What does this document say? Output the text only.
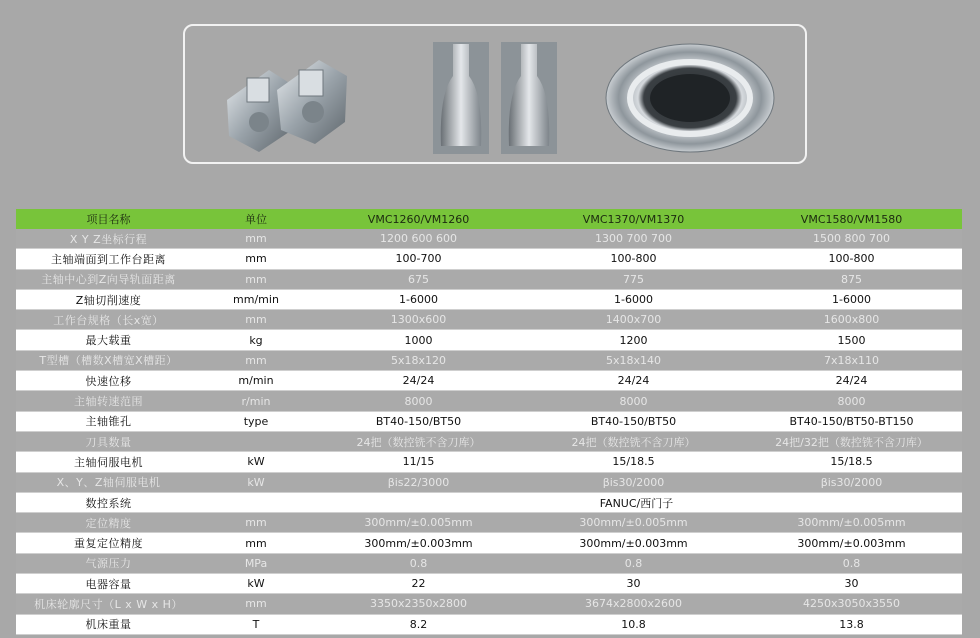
项目名称	单位	VMC1260/VM1260	VMC1370/VM1370	VMC1580/VM1580
X Y Z坐标行程	mm	1200 600 600	1300 700 700	1500 800 700
主轴端面到工作台距离	mm	100-700	100-800	100-800
主轴中心到Z向导轨面距离	mm	675	775	875
Z轴切削速度	mm/min	1-6000	1-6000	1-6000
工作台规格（长x宽）	mm	1300x600	1400x700	1600x800
最大载重	kg	1000	1200	1500
T型槽（槽数X槽宽X槽距）	mm	5x18x120	5x18x140	7x18x110
快速位移	m/min	24/24	24/24	24/24
主轴转速范围	r/min	8000	8000	8000
主轴锥孔	type	BT40-150/BT50	BT40-150/BT50	BT40-150/BT50-BT150
刀具数量		24把（数控铣不含刀库）	24把（数控铣不含刀库）	24把/32把（数控铣不含刀库）
主轴伺服电机	kW	11/15	15/18.5	15/18.5
X、Y、Z轴伺服电机	kW	βis22/3000	βis30/2000	βis30/2000
数控系统		FANUC/西门子		
定位精度	mm	300mm/±0.005mm	300mm/±0.005mm	300mm/±0.005mm
重复定位精度	mm	300mm/±0.003mm	300mm/±0.003mm	300mm/±0.003mm
气源压力	MPa	0.8	0.8	0.8
电器容量	kW	22	30	30
机床轮廓尺寸（L x W x H）	mm	3350x2350x2800	3674x2800x2600	4250x3050x3550
机床重量	T	8.2	10.8	13.8
